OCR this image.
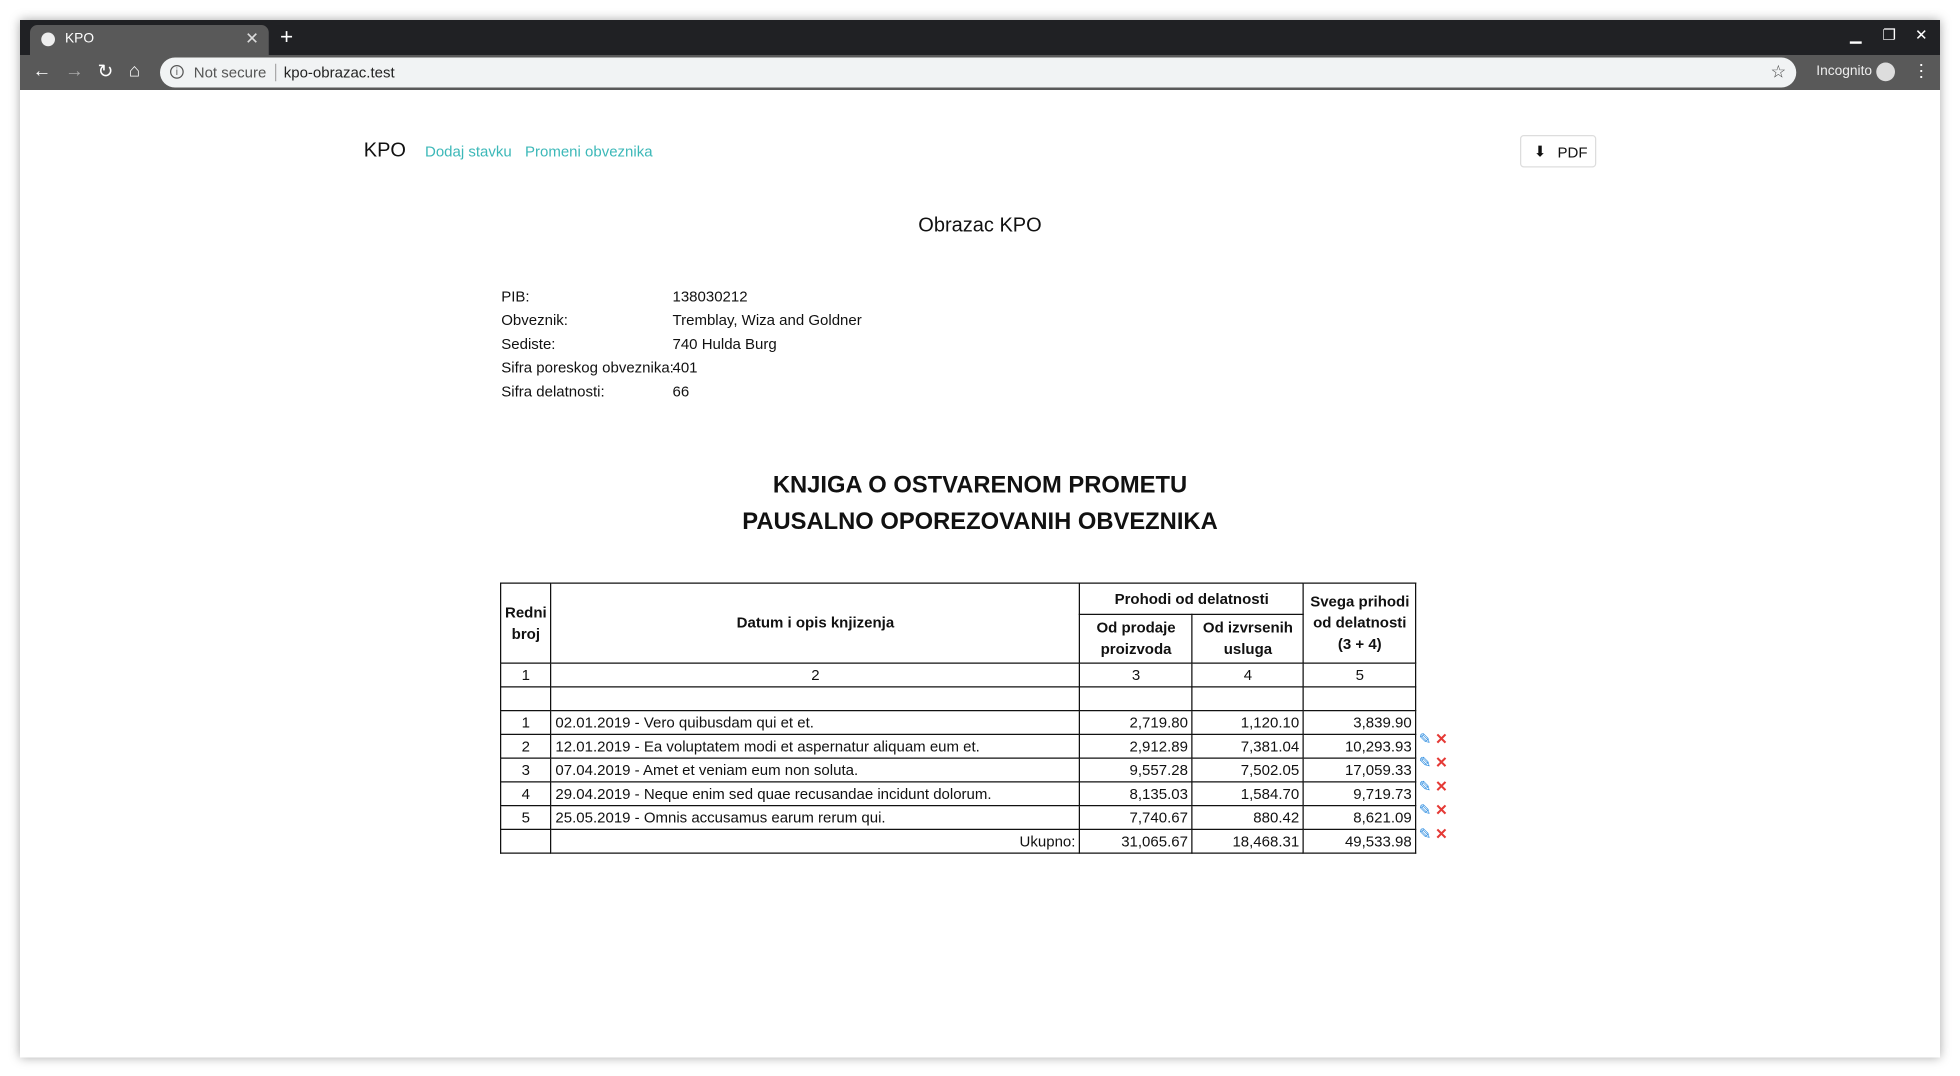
KPO	✕ +	▁ ❐ ✕
← → ↻ ⌂	i	Not secure kpo-obrazac.test	☆	Incognito	⋮
KPO Dodaj stavku Promeni obveznika	⬇ PDF
Obrazac KPO
PIB:	138030212
Obveznik:	Tremblay, Wiza and Goldner
Sediste:	740 Hulda Burg
Sifra poreskog obveznika:
401
Sifra delatnosti:	66
KNJIGA O OSTVARENOM PROMETU
PAUSALNO OPOREZOVANIH OBVEZNIKA
Redni broj	Datum i opis knjizenja	Prohodi od delatnosti		Svega prihodi od delatnosti (3 + 4)
		Od prodaje proizvoda	Od izvrsenih usluga	
1	2	3	4	5

1	02.01.2019 - Vero quibusdam qui et et.	2,719.80	1,120.10	3,839.90
2	12.01.2019 - Ea voluptatem modi et aspernatur aliquam eum et.	2,912.89	7,381.04	10,293.93
3	07.04.2019 - Amet et veniam eum non soluta.	9,557.28	7,502.05	17,059.33
4	29.04.2019 - Neque enim sed quae recusandae incidunt dolorum.	8,135.03	1,584.70	9,719.73
5	25.05.2019 - Omnis accusamus earum rerum qui.	7,740.67	880.42	8,621.09
	Ukupno:	31,065.67	18,468.31	49,533.98
✎ ✕
✎ ✕
✎ ✕
✎ ✕
✎ ✕
